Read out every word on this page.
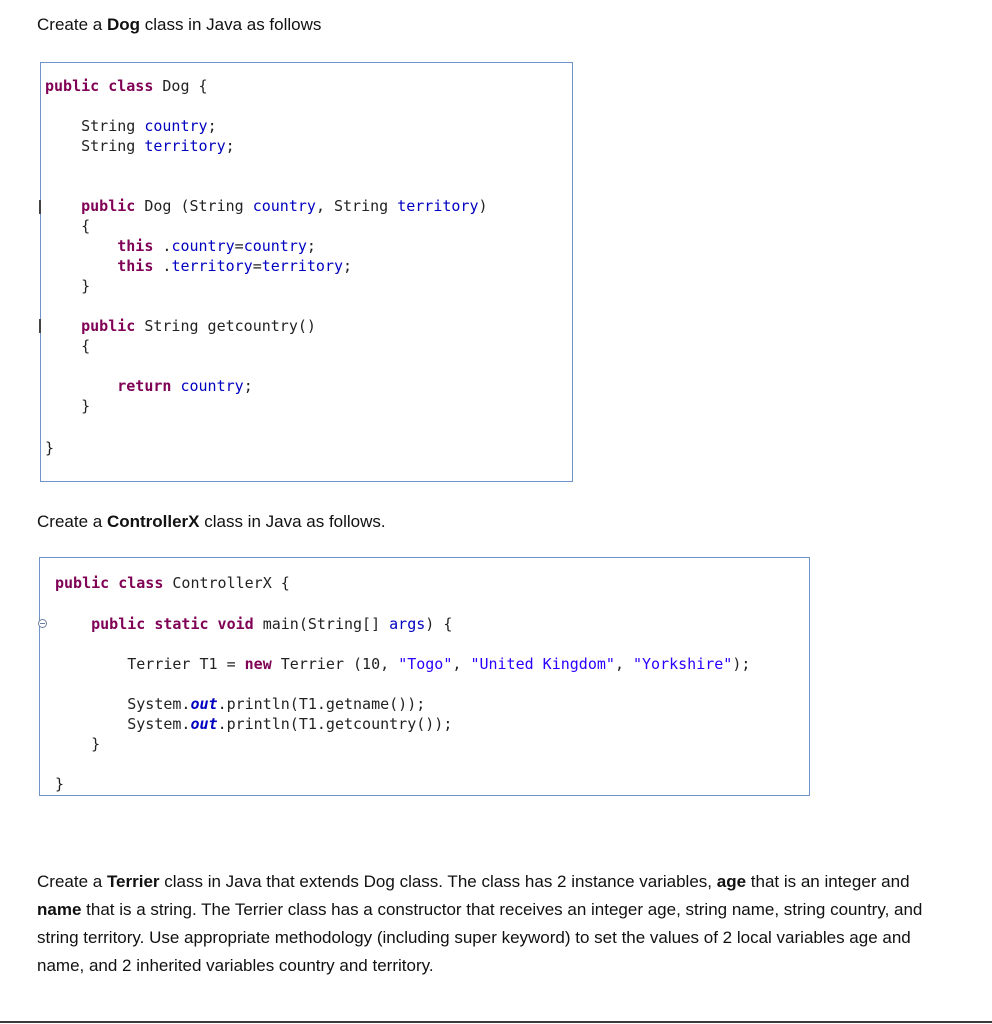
Create a Dog class in Java as follows
public class Dog {
String country;
String territory;
public Dog (String country, String territory)
{
this .country=country;
this .territory=territory;
}
public String getcountry()
{
return country;
}
}
Create a ControllerX class in Java as follows.
public class ControllerX {
public static void main(String[] args) {
Terrier T1 = new Terrier (10, "Togo", "United Kingdom", "Yorkshire");
System.out.println(T1.getname());
System.out.println(T1.getcountry());
}
}
Create a Terrier class in Java that extends Dog class. The class has 2 instance variables, age that is an integer and name that is a string. The Terrier class has a constructor that receives an integer age, string name, string country, and string territory. Use appropriate methodology (including super keyword) to set the values of 2 local variables age and name, and 2 inherited variables country and territory.
